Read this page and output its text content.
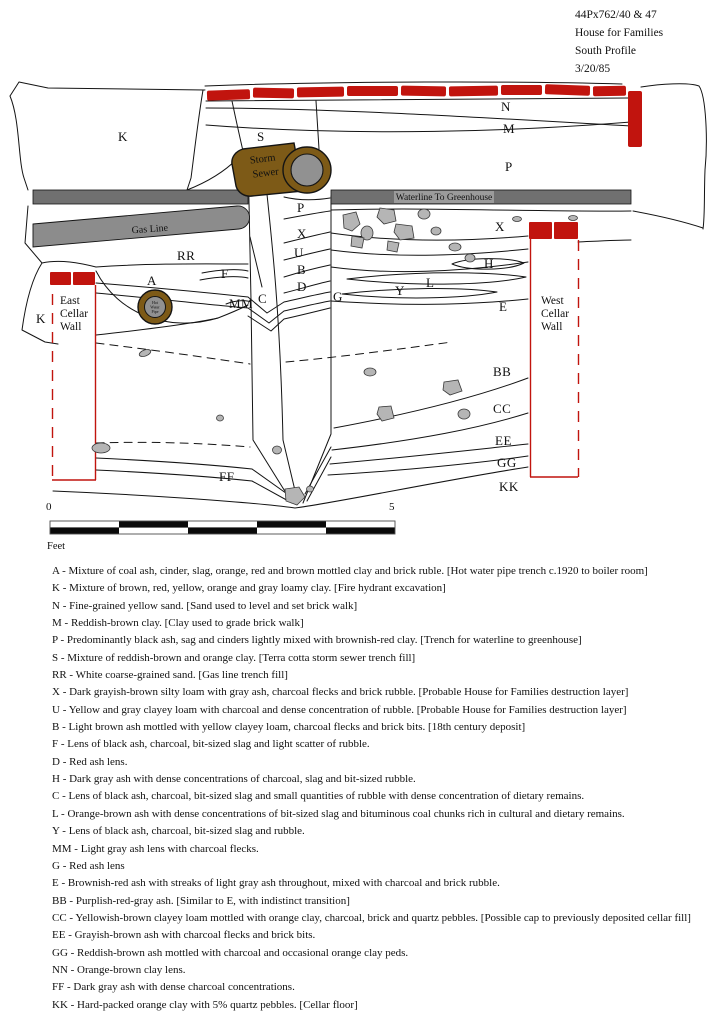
44Px762/40 & 47
House for Families
South Profile
3/20/85
Waterline To Greenhouse
Gas Line
Storm
Sewer
Hot
Water
Pipe
K	S
N
M
P
P
X
U
B
D
C	G
MM
F
RR
A
X
H
L
Y
E
BB
CC
EE
GG
KK
FF
K
East
Cellar
Wall
West
Cellar
Wall
0	5
Feet
A - Mixture of coal ash, cinder, slag, orange, red and brown mottled clay and brick ruble. [Hot water pipe trench c.1920 to boiler room]
K - Mixture of brown, red, yellow, orange and gray loamy clay. [Fire hydrant excavation]
N - Fine-grained yellow sand. [Sand used to level and set brick walk]
M - Reddish-brown clay. [Clay used to grade brick walk]
P - Predominantly black ash, sag and cinders lightly mixed with brownish-red clay. [Trench for waterline to greenhouse]
S - Mixture of reddish-brown and orange clay. [Terra cotta storm sewer trench fill]
RR - White coarse-grained sand. [Gas line trench fill]
X - Dark grayish-brown silty loam with gray ash, charcoal flecks and brick rubble. [Probable House for Families destruction layer]
U - Yellow and gray clayey loam with charcoal and dense concentration of rubble. [Probable House for Families destruction layer]
B - Light brown ash mottled with yellow clayey loam, charcoal flecks and brick bits. [18th century deposit]
F - Lens of black ash, charcoal, bit-sized slag and light scatter of rubble.
D - Red ash lens.
H - Dark gray ash with dense concentrations of charcoal, slag and bit-sized rubble.
C - Lens of black ash, charcoal, bit-sized slag and small quantities of rubble with dense concentration of dietary remains.
L - Orange-brown ash with dense concentrations of bit-sized slag and bituminous coal chunks rich in cultural and dietary remains.
Y - Lens of black ash, charcoal, bit-sized slag and rubble.
MM - Light gray ash lens with charcoal flecks.
G - Red ash lens
E - Brownish-red ash with streaks of light gray ash throughout, mixed with charcoal and brick rubble.
BB - Purplish-red-gray ash. [Similar to E, with indistinct transition]
CC - Yellowish-brown clayey loam mottled with orange clay, charcoal, brick and quartz pebbles. [Possible cap to previously deposited cellar fill]
EE - Grayish-brown ash with charcoal flecks and brick bits.
GG - Reddish-brown ash mottled with charcoal and occasional orange clay peds.
NN - Orange-brown clay lens.
FF - Dark gray ash with dense charcoal concentrations.
KK - Hard-packed orange clay with 5% quartz pebbles. [Cellar floor]
